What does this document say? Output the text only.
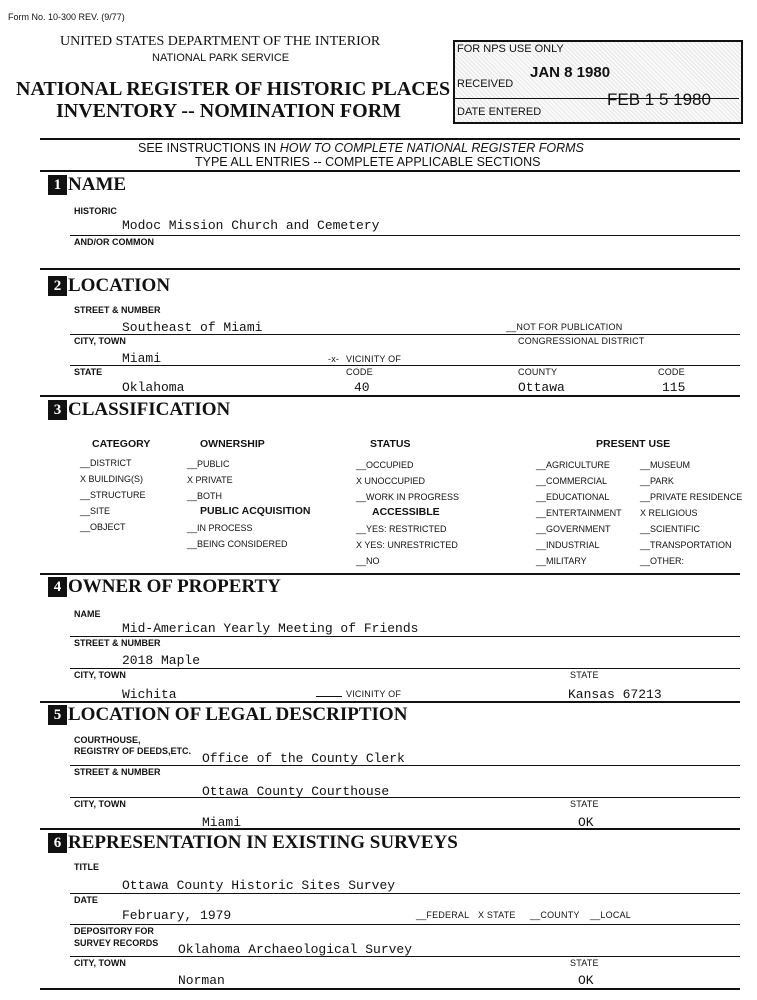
Form No. 10-300 REV. (9/77)
UNITED STATES DEPARTMENT OF THE INTERIOR
NATIONAL PARK SERVICE
NATIONAL REGISTER OF HISTORIC PLACES
INVENTORY -- NOMINATION FORM
FOR NPS USE ONLY
RECEIVED
JAN 8 1980
DATE ENTERED
FEB 1 5 1980
SEE INSTRUCTIONS IN HOW TO COMPLETE NATIONAL REGISTER FORMS
TYPE ALL ENTRIES -- COMPLETE APPLICABLE SECTIONS
1 NAME
HISTORIC
Modoc Mission Church and Cemetery
AND/OR COMMON
2 LOCATION
STREET & NUMBER
Southeast of Miami	__NOT FOR PUBLICATION
CITY, TOWN	CONGRESSIONAL DISTRICT
Miami	-x- VICINITY OF
STATE	CODE	COUNTY	CODE
Oklahoma	40	Ottawa	115
3 CLASSIFICATION
CATEGORY	OWNERSHIP	STATUS	PRESENT USE
__DISTRICT
X BUILDING(S)
__STRUCTURE
__SITE
__OBJECT
__PUBLIC
X PRIVATE
__BOTH
PUBLIC ACQUISITION
__IN PROCESS
__BEING CONSIDERED
__OCCUPIED
X UNOCCUPIED
__WORK IN PROGRESS
ACCESSIBLE
__YES: RESTRICTED
X YES: UNRESTRICTED
__NO
__AGRICULTURE
__COMMERCIAL
__EDUCATIONAL
__ENTERTAINMENT
__GOVERNMENT
__INDUSTRIAL
__MILITARY
__MUSEUM
__PARK
__PRIVATE RESIDENCE
X RELIGIOUS
__SCIENTIFIC
__TRANSPORTATION
__OTHER:
4 OWNER OF PROPERTY
NAME
Mid-American Yearly Meeting of Friends
STREET & NUMBER
2018 Maple
CITY, TOWN	STATE
Wichita	VICINITY OF	Kansas 67213
5 LOCATION OF LEGAL DESCRIPTION
COURTHOUSE,
REGISTRY OF DEEDS,ETC. Office of the County Clerk
STREET & NUMBER
Ottawa County Courthouse
CITY, TOWN	STATE
Miami	OK
6 REPRESENTATION IN EXISTING SURVEYS
TITLE
Ottawa County Historic Sites Survey
DATE
February, 1979	__FEDERAL X STATE __COUNTY __LOCAL
DEPOSITORY FOR
SURVEY RECORDS Oklahoma Archaeological Survey
CITY, TOWN	STATE
Norman	OK
